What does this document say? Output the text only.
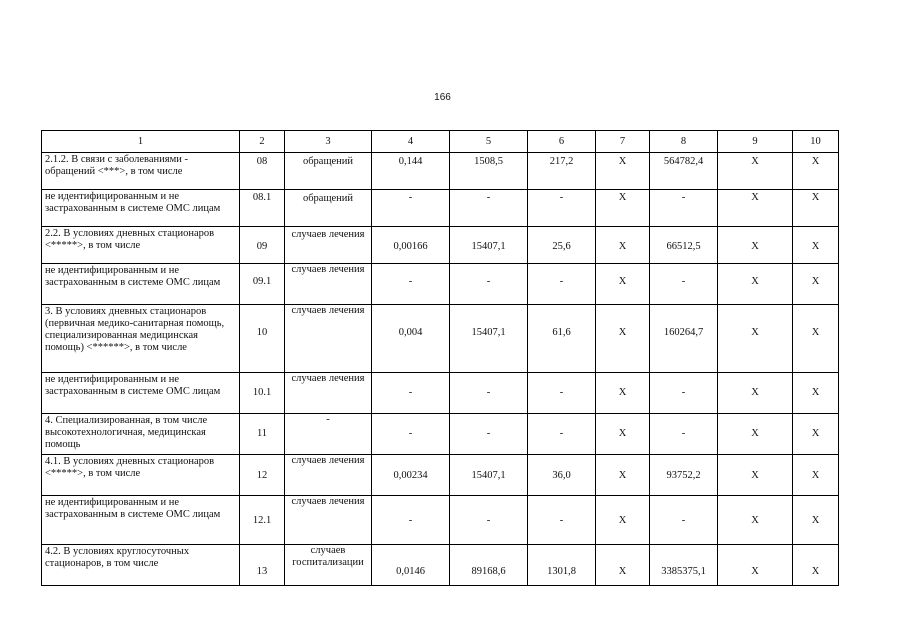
166
1	2	3	4	5	6	7	8	9	10
2.1.2. В связи с заболеваниями - обращений <***>, в том числе	08	обращений	0,144	1508,5	217,2	X	564782,4	X	X
не идентифицированным и не застрахованным в системе ОМС лицам	08.1	обращений	-	-	-	X	-	X	X
2.2. В условиях дневных стационаров <*****>, в том числе	09	случаев лечения	0,00166	15407,1	25,6	X	66512,5	X	X
не идентифицированным и не застрахованным в системе ОМС лицам	09.1	случаев лечения	-	-	-	X	-	X	X
3. В условиях дневных стационаров (первичная медико-санитарная помощь, специализированная медицинская помощь) <******>, в том числе	10	случаев лечения	0,004	15407,1	61,6	X	160264,7	X	X
не идентифицированным и не застрахованным в системе ОМС лицам	10.1	случаев лечения	-	-	-	X	-	X	X
4. Специализированная, в том числе высокотехнологичная, медицинская помощь	11	-	-	-	-	X	-	X	X
4.1. В условиях дневных стационаров <*****>, в том числе	12	случаев лечения	0,00234	15407,1	36,0	X	93752,2	X	X
не идентифицированным и не застрахованным в системе ОМС лицам	12.1	случаев лечения	-	-	-	X	-	X	X
4.2. В условиях круглосуточных стационаров, в том числе	13	случаев госпитализации	0,0146	89168,6	1301,8	X	3385375,1	X	X
